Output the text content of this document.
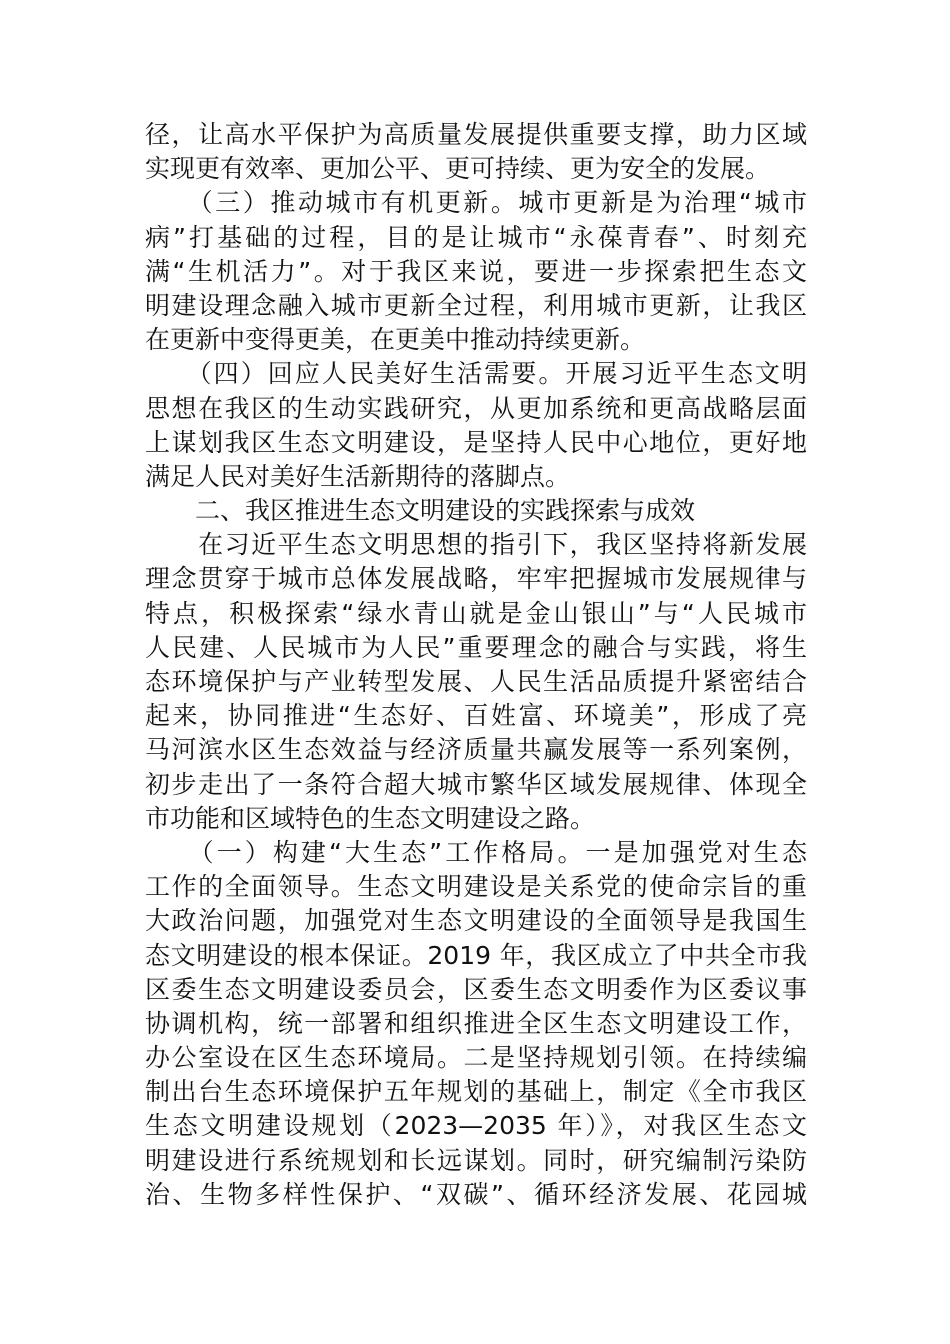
径，让高水平保护为高质量发展提供重要支撑，助力区域
实现更有效率、更加公平、更可持续、更为安全的发展。
　　（三）推动城市有机更新。城市更新是为治理“城市
病”打基础的过程，目的是让城市“永葆青春”、时刻充
满“生机活力”。对于我区来说，要进一步探索把生态文
明建设理念融入城市更新全过程，利用城市更新，让我区
在更新中变得更美，在更美中推动持续更新。
　　（四）回应人民美好生活需要。开展习近平生态文明
思想在我区的生动实践研究，从更加系统和更高战略层面
上谋划我区生态文明建设，是坚持人民中心地位，更好地
满足人民对美好生活新期待的落脚点。
　　二、我区推进生态文明建设的实践探索与成效
　　在习近平生态文明思想的指引下，我区坚持将新发展
理念贯穿于城市总体发展战略，牢牢把握城市发展规律与
特点，积极探索“绿水青山就是金山银山”与“人民城市
人民建、人民城市为人民”重要理念的融合与实践，将生
态环境保护与产业转型发展、人民生活品质提升紧密结合
起来，协同推进“生态好、百姓富、环境美”，形成了亮
马河滨水区生态效益与经济质量共赢发展等一系列案例，
初步走出了一条符合超大城市繁华区域发展规律、体现全
市功能和区域特色的生态文明建设之路。
　　（一）构建“大生态”工作格局。一是加强党对生态
工作的全面领导。生态文明建设是关系党的使命宗旨的重
大政治问题，加强党对生态文明建设的全面领导是我国生
态文明建设的根本保证。2019 年，我区成立了中共全市我
区委生态文明建设委员会，区委生态文明委作为区委议事
协调机构，统一部署和组织推进全区生态文明建设工作，
办公室设在区生态环境局。二是坚持规划引领。在持续编
制出台生态环境保护五年规划的基础上，制定《全市我区
生态文明建设规划（2023—2035 年）》，对我区生态文
明建设进行系统规划和长远谋划。同时，研究编制污染防
治、生物多样性保护、“双碳”、循环经济发展、花园城
